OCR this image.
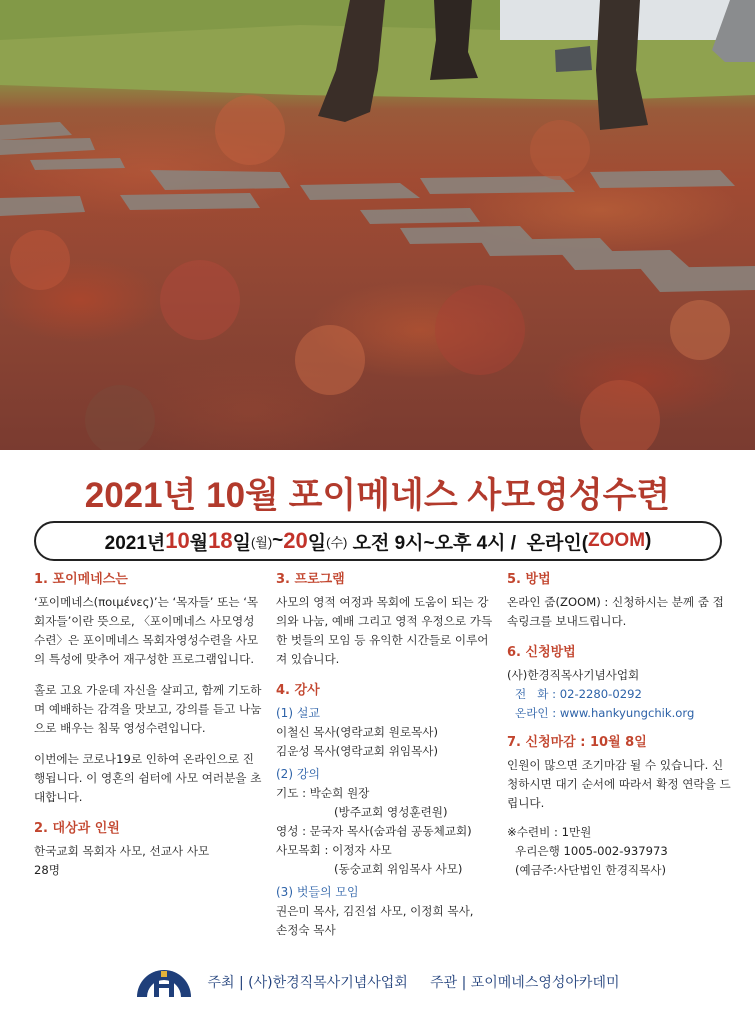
2021년 10월 포이메네스 사모영성수련
2021년 10 월 18 일 (월) ~ 20 일 (수) 오전 9시~오후 4시 /  온라인( ZOOM )
1. 포이메네스는
‘포이메네스(ποιμένες)’는 ‘목자들’ 또는 ‘목회자들’이란 뜻으로, 〈포이메네스 사모영성수련〉은 포이메네스 목회자영성수련을 사모의 특성에 맞추어 재구성한 프로그램입니다.
홀로 고요 가운데 자신을 살피고, 함께 기도하며 예배하는 감격을 맛보고, 강의를 듣고 나눔으로 배우는 침묵 영성수련입니다.
이번에는 코로나19로 인하여 온라인으로 진행됩니다. 이 영혼의 쉼터에 사모 여러분을 초대합니다.
2. 대상과 인원
한국교회 목회자 사모, 선교사 사모
28명
3. 프로그램
사모의 영적 여정과 목회에 도움이 되는 강의와 나눔, 예배 그리고 영적 우정으로 가득한 벗들의 모임 등 유익한 시간들로 이루어져 있습니다.
4. 강사
(1) 설교
이철신 목사(영락교회 원로목사)
김운성 목사(영락교회 위임목사)
(2) 강의
기도 : 박순희 원장
(방주교회 영성훈련원)
영성 : 문국자 목사(숨과쉼 공동체교회)
사모목회 : 이정자 사모
(동숭교회 위임목사 사모)
(3) 벗들의 모임
권은미 목사, 김진섭 사모, 이정희 목사,
손정숙 목사
5. 방법
온라인 줌(ZOOM) : 신청하시는 분께 줌 접속링크를 보내드립니다.
6. 신청방법
(사)한경직목사기념사업회
전   화 : 02-2280-0292
온라인 : www.hankyungchik.org
7. 신청마감 : 10월 8일
인원이 많으면 조기마감 될 수 있습니다. 신청하시면 대기 순서에 따라서 확정 연락을 드립니다.
※수련비 : 1만원
우리은행 1005-002-937973
(예금주:사단법인 한경직목사)
주최 | (사)한경직목사기념사업회     주관 | 포이메네스영성아카데미
